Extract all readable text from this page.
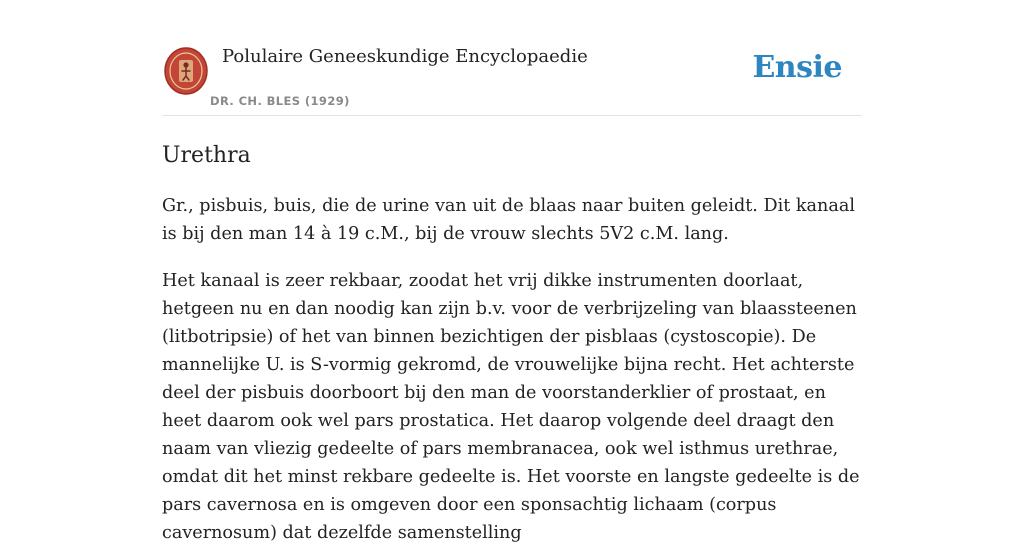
Polulaire Geneeskundige Encyclopaedie
DR. CH. BLES (1929)
Ensie
Urethra

Gr., pisbuis, buis, die de urine van uit de blaas naar buiten geleidt. Dit kanaal is bij den man 14 à 19 c.M., bij de vrouw slechts 5V2 c.M. lang.

Het kanaal is zeer rekbaar, zoodat het vrij dikke instrumenten doorlaat, hetgeen nu en dan noodig kan zijn b.v. voor de verbrijzeling van blaassteenen (litbotripsie) of het van binnen bezichtigen der pisblaas (cystoscopie). De mannelijke U. is S-vormig gekromd, de vrouwelijke bijna recht. Het achterste deel der pisbuis doorboort bij den man de voorstanderklier of prostaat, en heet daarom ook wel pars prostatica. Het daarop volgende deel draagt den naam van vliezig gedeelte of pars membranacea, ook wel isthmus urethrae, omdat dit het minst rekbare gedeelte is. Het voorste en langste gedeelte is de pars cavernosa en is omgeven door een sponsachtig lichaam (corpus cavernosum) dat dezelfde samenstelling
